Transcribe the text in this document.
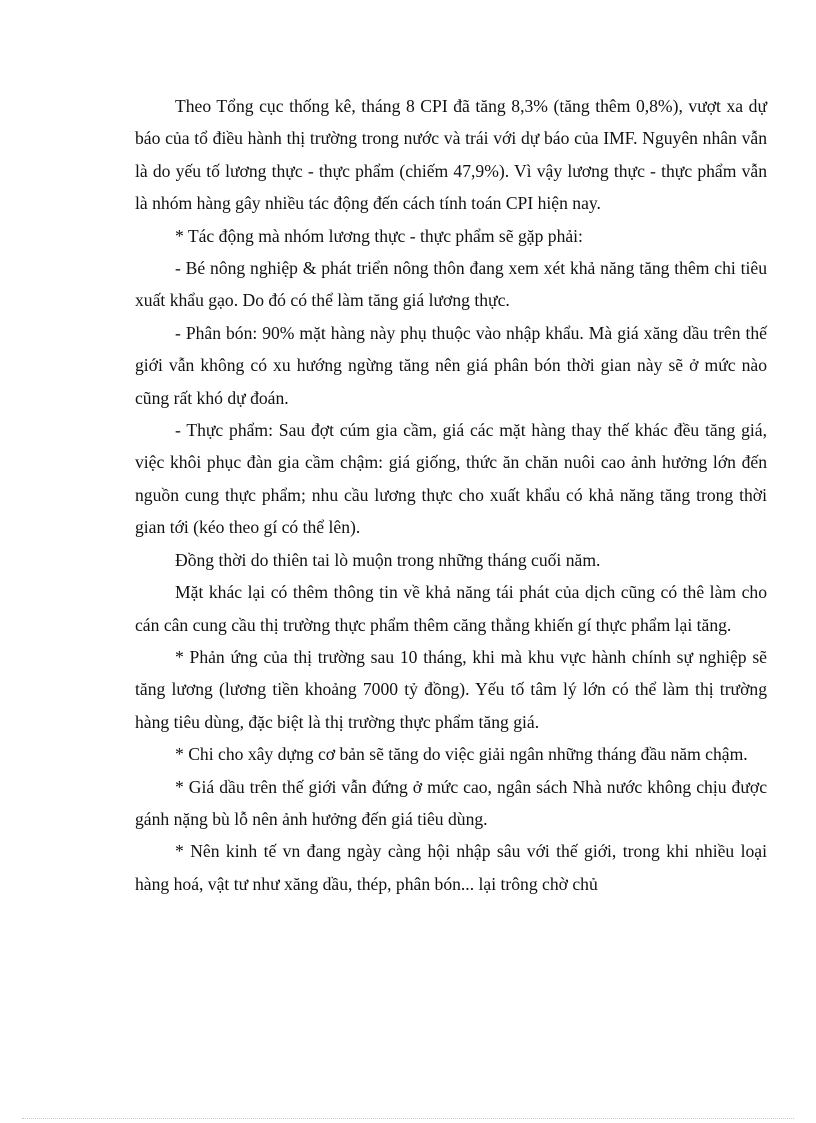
Theo Tổng cục thống kê, tháng 8 CPI đã tăng 8,3% (tăng thêm 0,8%), vượt xa dự báo của tổ điều hành thị trường trong nước và trái với dự báo của IMF. Nguyên nhân vẫn là do yếu tố lương thực - thực phẩm (chiếm 47,9%). Vì vậy lương thực - thực phẩm vẫn là nhóm hàng gây nhiều tác động đến cách tính toán CPI hiện nay.

* Tác động mà nhóm lương thực - thực phẩm sẽ gặp phải:

- Bé nông nghiệp & phát triển nông thôn đang xem xét khả năng tăng thêm chi tiêu xuất khẩu gạo. Do đó có thể làm tăng giá lương thực.

- Phân bón: 90% mặt hàng này phụ thuộc vào nhập khẩu. Mà giá xăng dầu trên thế giới vẫn không có xu hướng ngừng tăng nên giá phân bón thời gian này sẽ ở mức nào cũng rất khó dự đoán.

- Thực phẩm: Sau đợt cúm gia cầm, giá các mặt hàng thay thế khác đều tăng giá, việc khôi phục đàn gia cầm chậm: giá giống, thức ăn chăn nuôi cao ảnh hưởng lớn đến nguồn cung thực phẩm; nhu cầu lương thực cho xuất khẩu có khả năng tăng trong thời gian tới (kéo theo gí có thể lên).

Đồng thời do thiên tai lò muộn trong những tháng cuối năm.

Mặt khác lại có thêm thông tin về khả năng tái phát của dịch cũng có thê làm cho cán cân cung cầu thị trường thực phẩm thêm căng thẳng khiến gí thực phẩm lại tăng.

* Phản ứng của thị trường sau 10 tháng, khi mà khu vực hành chính sự nghiệp sẽ tăng lương (lương tiền khoảng 7000 tỷ đồng). Yếu tố tâm lý lớn có thể làm thị trường hàng tiêu dùng, đặc biệt là thị trường thực phẩm tăng giá.

* Chi cho xây dựng cơ bản sẽ tăng do việc giải ngân những tháng đầu năm chậm.

* Giá dầu trên thế giới vẫn đứng ở mức cao, ngân sách Nhà nước không chịu được gánh nặng bù lỗ nên ảnh hưởng đến giá tiêu dùng.

* Nên kinh tế vn đang ngày càng hội nhập sâu với thế giới, trong khi nhiều loại hàng hoá, vật tư như xăng dầu, thép, phân bón... lại trông chờ chủ
